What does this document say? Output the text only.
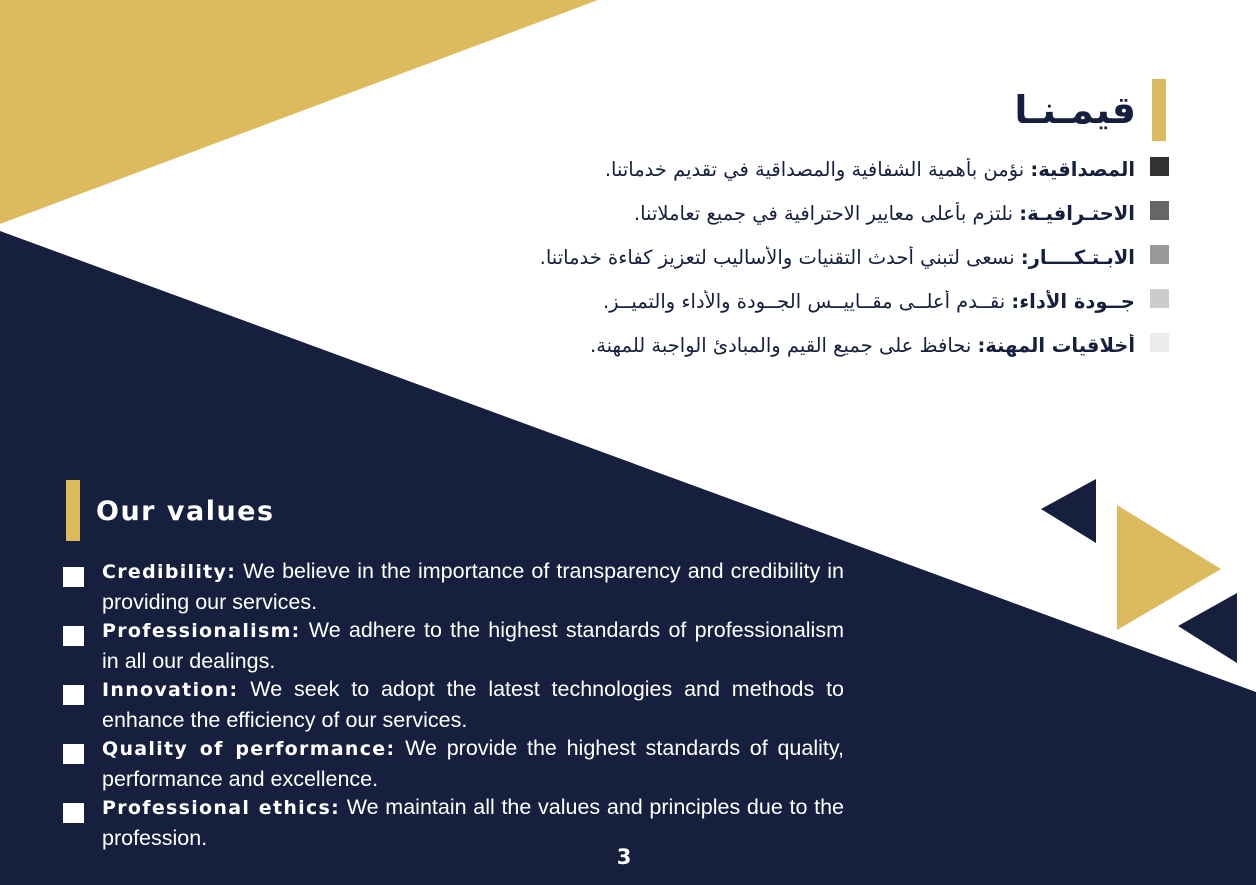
قيمـنـا
المصداقية: نؤمن بأهمية الشفافية والمصداقية في تقديم خدماتنا.
الاحتـرافيـة: نلتزم بأعلى معايير الاحترافية في جميع تعاملاتنا.
الابـتـكــــار: نسعى لتبني أحدث التقنيات والأساليب لتعزيز كفاءة خدماتنا.
جــودة الأداء: نقــدم أعلــى مقــاييــس الجــودة والأداء والتميــز.
أخلاقيات المهنة: نحافظ على جميع القيم والمبادئ الواجبة للمهنة.
Our values

Credibility: We believe in the importance of transparency and credibility in providing our services.

Professionalism: We adhere to the highest standards of professionalism in all our dealings.

Innovation: We seek to adopt the latest technologies and methods to enhance the efficiency of our services.

Quality of performance: We provide the highest standards of quality, performance and excellence.

Professional ethics: We maintain all the values and principles due to the profession.

3
